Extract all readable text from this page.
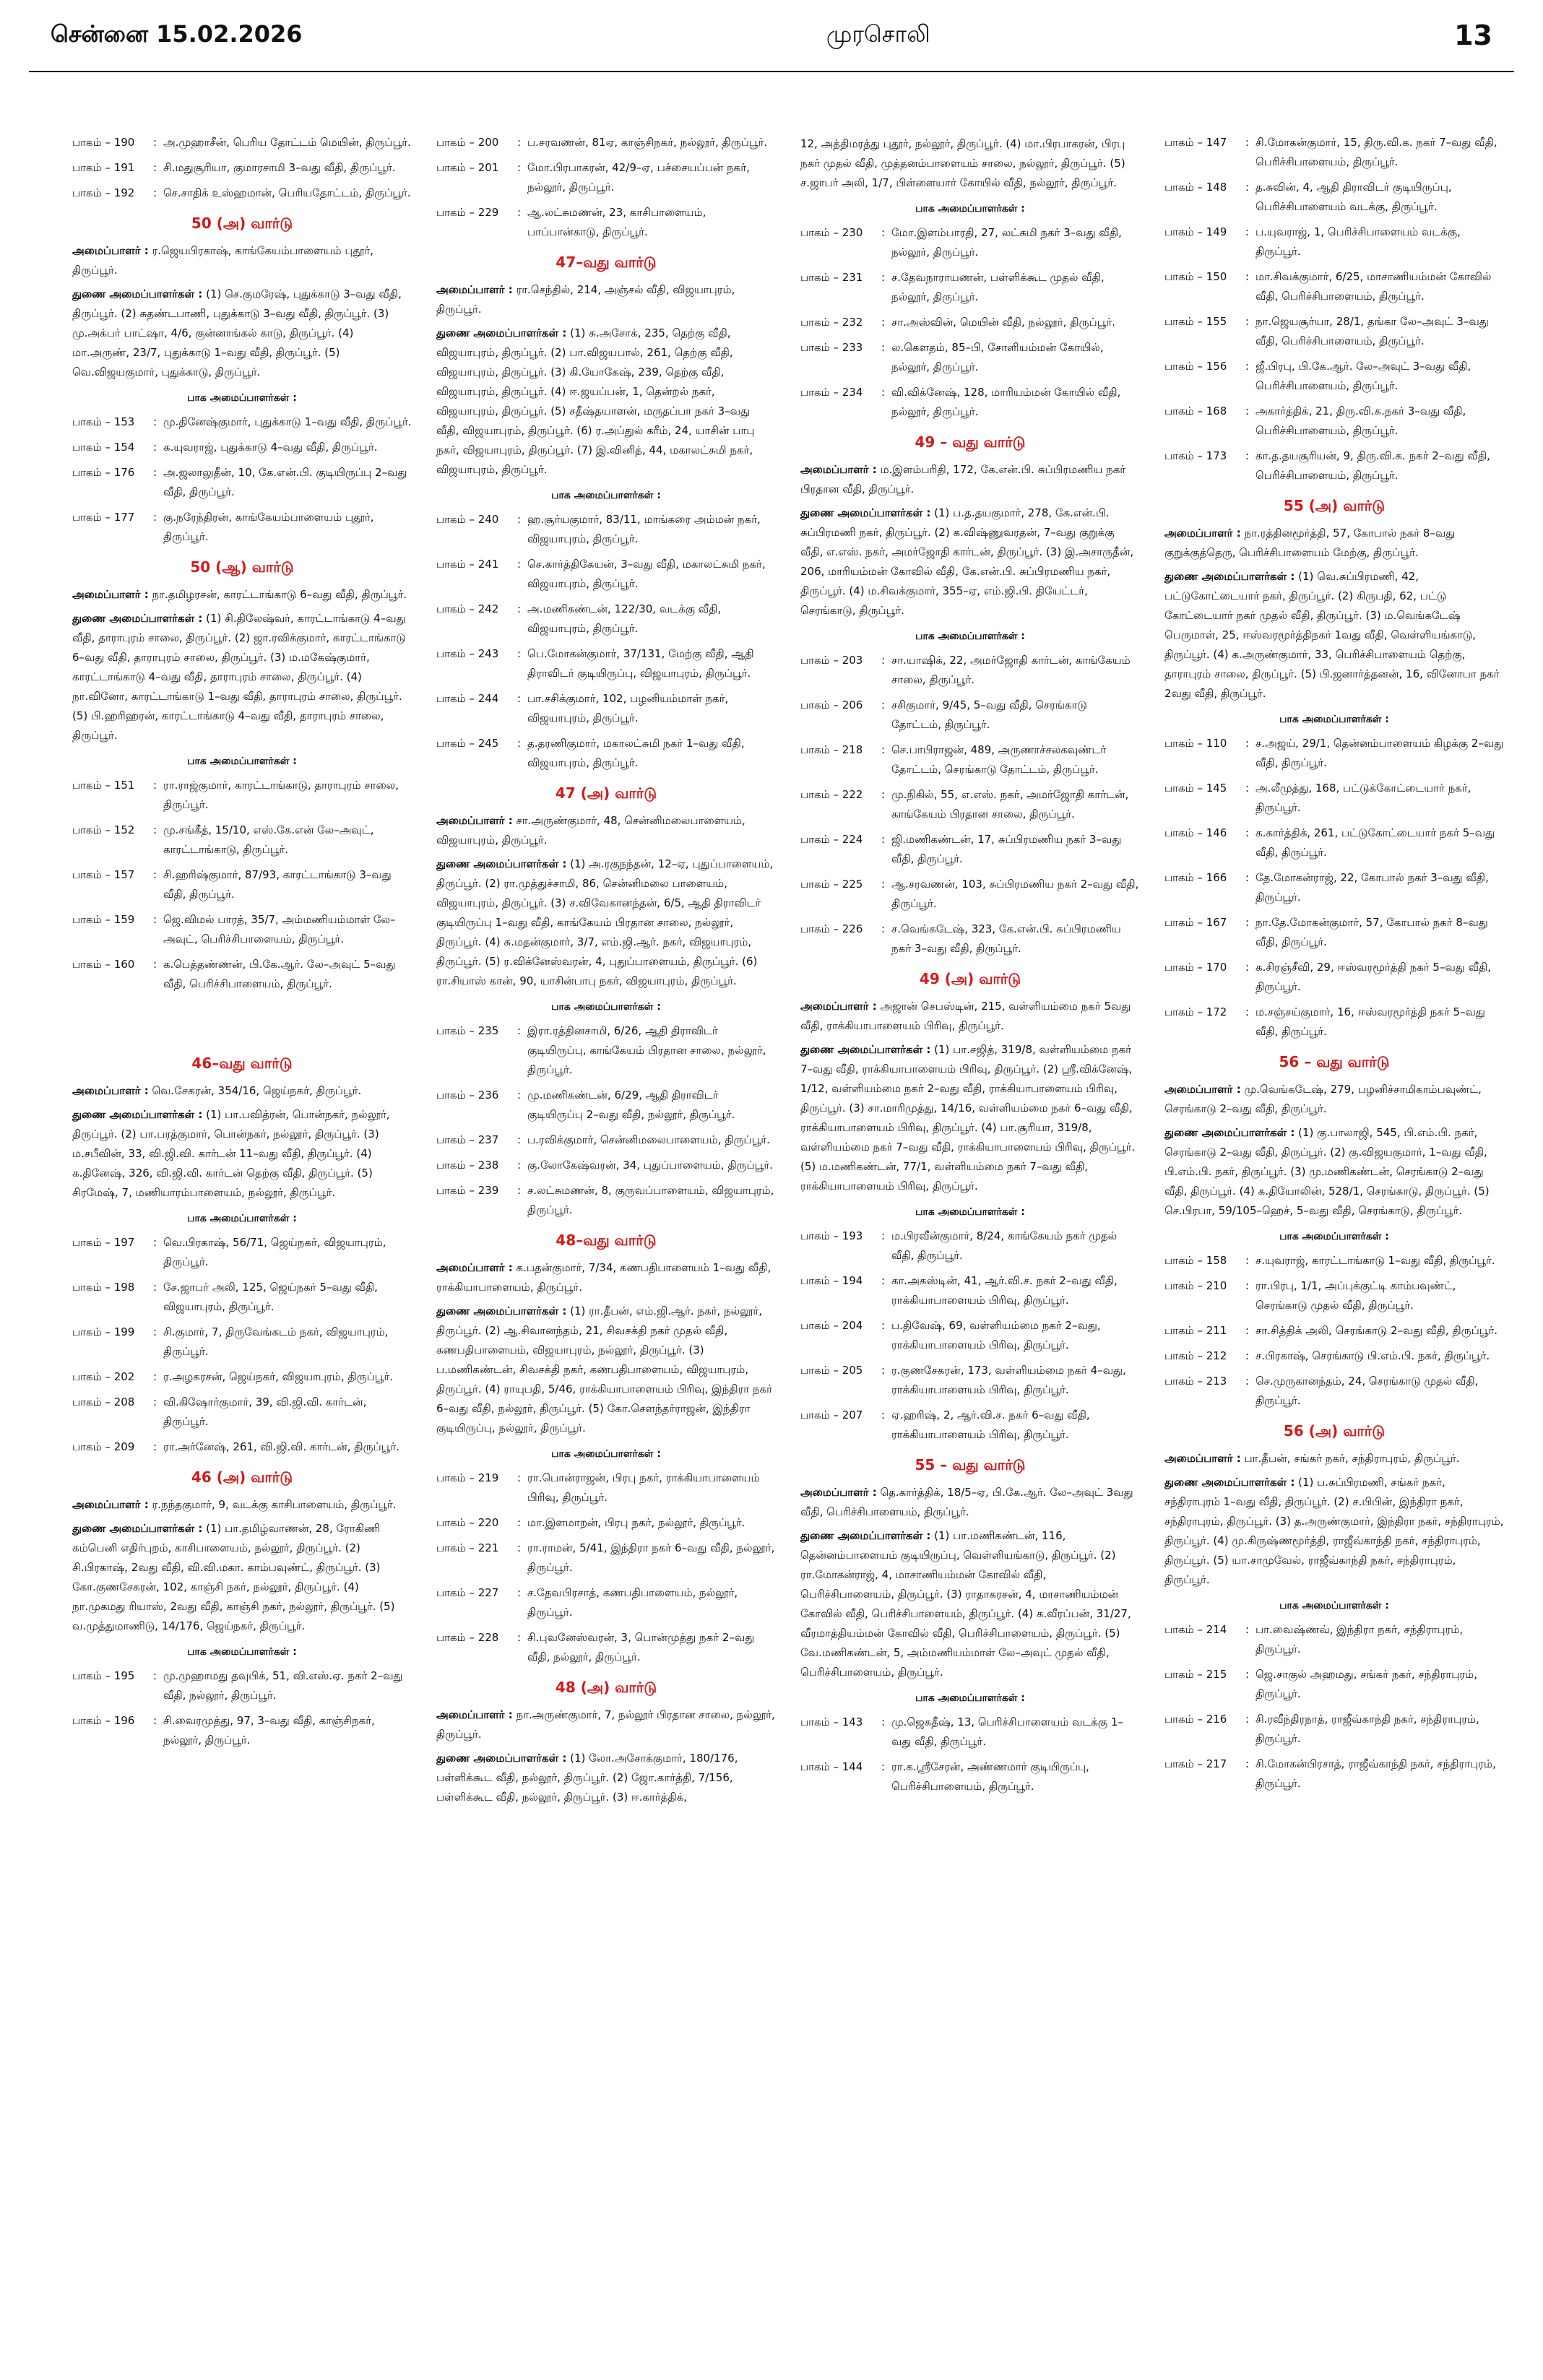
சென்னை 15.02.2026	முரசொலி	13
பாகம் – 190	: அ.முஹாசீன், பெரிய தோட்டம் மெயின், திருப்பூர்.
பாகம் – 191	: சி.மதுசூரியா, குமாரசாமி 3–வது வீதி, திருப்பூர்.
பாகம் – 192	: செ.சாதிக் உஸ்ஹமான், பெரியதோட்டம், திருப்பூர்.
50 (அ) வார்டு
அமைப்பாளர் : ர.ஜெயபிரகாஷ், காங்கேயம்பாளையம் புதூர், திருப்பூர்.
துணை அமைப்பாளர்கள் : (1) செ.குமரேஷ், புதுக்காடு 3–வது வீதி, திருப்பூர். (2) சுதண்டபாணி, புதுக்காடு 3–வது வீதி, திருப்பூர். (3) மு.அக்பர் பாட்ஷா, 4/6, குன்னாங்கல் காடு, திருப்பூர். (4) மா.அருண், 23/7, புதுக்காடு 1–வது வீதி, திருப்பூர். (5) வெ.விஜயகுமார், புதுக்காடு, திருப்பூர்.
பாக அமைப்பாளர்கள் :
பாகம் – 153	: மு.தினேஷ்குமார், புதுக்காடு 1–வது வீதி, திருப்பூர்.
பாகம் – 154	: க.யுவராஜ், புதுக்காடு 4–வது வீதி, திருப்பூர்.
பாகம் – 176	: அ.ஜலாலுதீன், 10, கே.என்.பி. குடியிருப்பு 2–வது வீதி, திருப்பூர்.
பாகம் – 177	: கு.நரேந்திரன், காங்கேயம்பாளையம் புதூர், திருப்பூர்.
50 (ஆ) வார்டு
அமைப்பாளர் : நா.தமிழரசன், காரட்டாங்காடு 6–வது வீதி, திருப்பூர்.
துணை அமைப்பாளர்கள் : (1) சி.திலேஷ்வர், காரட்டாங்காடு 4–வது வீதி, தாராபுரம் சாலை, திருப்பூர். (2) ஜா.ரவிக்குமார், காரட்டாங்காடு 6–வது வீதி, தாராபுரம் சாலை, திருப்பூர். (3) ம.மகேஷ்குமார், காரட்டாங்காடு 4–வது வீதி, தாராபுரம் சாலை, திருப்பூர். (4) நா.வினோ, காரட்டாங்காடு 1–வது வீதி, தாராபுரம் சாலை, திருப்பூர். (5) பி.ஹரிஹரன், காரட்டாங்காடு 4–வது வீதி, தாராபுரம் சாலை, திருப்பூர்.
பாக அமைப்பாளர்கள் :
பாகம் – 151	: ரா.ராஜ்குமார், காரட்டாங்காடு, தாராபுரம் சாலை, திருப்பூர்.
பாகம் – 152	: மு.சங்கீத், 15/10, எஸ்.கே.என் லே–அவுட், காரட்டாங்காடு, திருப்பூர்.
பாகம் – 157	: சி.ஹரிஷ்குமார், 87/93, காரட்டாங்காடு 3–வது வீதி, திருப்பூர்.
பாகம் – 159	: ஜெ.விமல் பாரத், 35/7, அம்மணியம்மாள் லே–அவுட், பெரிச்சிபாளையம், திருப்பூர்.
பாகம் – 160	: க.பெத்தண்ணன், பி.கே.ஆர். லே–அவுட் 5–வது வீதி, பெரிச்சிபாளையம், திருப்பூர்.
46–வது வார்டு
அமைப்பாளர் : வெ.சேகரன், 354/16, ஜெய்நகர், திருப்பூர்.
துணை அமைப்பாளர்கள் : (1) பா.பவித்ரன், பொன்நகர், நல்லூர், திருப்பூர். (2) பா.பரத்குமார், பொன்நகர், நல்லூர், திருப்பூர். (3) ம.சபீவின், 33, வி.ஜி.வி. கார்டன் 11–வது வீதி, திருப்பூர். (4) க.தினேஷ், 326, வி.ஜி.வி. கார்டன் தெற்கு வீதி, திருப்பூர். (5) சிரமேஷ், 7, மணியாரம்பாளையம், நல்லூர், திருப்பூர்.
பாக அமைப்பாளர்கள் :
பாகம் – 197	: வெ.பிரகாஷ், 56/71, ஜெய்நகர், விஜயாபுரம், திருப்பூர்.
பாகம் – 198	: சே.ஜாபர் அலி, 125, ஜெய்நகர் 5–வது வீதி, விஜயாபுரம், திருப்பூர்.
பாகம் – 199	: சி.குமார், 7, திருவேங்கடம் நகர், விஜயாபுரம், திருப்பூர்.
பாகம் – 202	: ர.அழகரசன், ஜெய்நகர், விஜயாபுரம், திருப்பூர்.
பாகம் – 208	: வி.கிஷோர்குமார், 39, வி.ஜி.வி. கார்டன், திருப்பூர்.
பாகம் – 209	: ரா.அர்னேஷ், 261, வி.ஜி.வி. கார்டன், திருப்பூர்.
46 (அ) வார்டு
அமைப்பாளர் : ர.நந்தகுமார், 9, வடக்கு காசிபாளையம், திருப்பூர்.
துணை அமைப்பாளர்கள் : (1) பா.தமிழ்வாணன், 28, ரோகிணி கம்பெனி எதிர்புறம், காசிபாளையம், நல்லூர், திருப்பூர். (2) சி.பிரகாஷ், 2வது வீதி, வி.வி.மகா. காம்பவுண்ட், திருப்பூர். (3) கோ.குணசேகரன், 102, காஞ்சி நகர், நல்லூர், திருப்பூர். (4) நா.முகமது ரியாஸ், 2வது வீதி, காஞ்சி நகர், நல்லூர், திருப்பூர். (5) வ.முத்துமாணிடு, 14/176, ஜெய்நகர், திருப்பூர்.
பாக அமைப்பாளர்கள் :
பாகம் – 195	: மு.முஹாமது தவுபிக், 51, வி.எஸ்.ஏ. நகர் 2–வது வீதி, நல்லூர், திருப்பூர்.
பாகம் – 196	: சி.வைரமுத்து, 97, 3–வது வீதி, காஞ்சிநகர், நல்லூர், திருப்பூர்.
பாகம் – 200	: ப.சரவணன், 81ஏ, காஞ்சிநகர், நல்லூர், திருப்பூர்.
பாகம் – 201	: மோ.பிரபாகரன், 42/9–ஏ, பச்சையப்பன் நகர், நல்லூர், திருப்பூர்.
பாகம் – 229	: ஆ.லட்சுமணன், 23, காசிபாளையம், பாப்பான்காடு, திருப்பூர்.
47–வது வார்டு
அமைப்பாளர் : ரா.செந்தில், 214, அஞ்சல் வீதி, விஜயாபுரம், திருப்பூர்.
துணை அமைப்பாளர்கள் : (1) சு.அசோக், 235, தெற்கு வீதி, விஜயாபுரம், திருப்பூர். (2) பா.விஜயபால், 261, தெற்கு வீதி, விஜயாபுரம், திருப்பூர். (3) கி.யோகேஷ், 239, தெற்கு வீதி, விஜயாபுரம், திருப்பூர். (4) ஈ.ஜயப்பன், 1, தென்றல் நகர், விஜயாபுரம், திருப்பூர். (5) சதீஷ்தயாளன், மருதப்பா நகர் 3–வது வீதி, விஜயாபுரம், திருப்பூர். (6) ர.அப்துல் கரீம், 24, யாசின் பாபு நகர், விஜயாபுரம், திருப்பூர். (7) இ.வினித், 44, மகாலட்சுமி நகர், விஜயாபுரம், திருப்பூர்.
பாக அமைப்பாளர்கள் :
பாகம் – 240	: ஹ.சூர்யகுமார், 83/11, மாங்கரை அம்மன் நகர், விஜயாபுரம், திருப்பூர்.
பாகம் – 241	: செ.கார்த்திகேயன், 3–வது வீதி, மகாலட்சுமி நகர், விஜயாபுரம், திருப்பூர்.
பாகம் – 242	: அ.மணிகண்டன், 122/30, வடக்கு வீதி, விஜயாபுரம், திருப்பூர்.
பாகம் – 243	: பெ.மோகன்குமார், 37/131, மேற்கு வீதி, ஆதி திராவிடர் குடியிருப்பு, விஜயாபுரம், திருப்பூர்.
பாகம் – 244	: பா.சசிக்குமார், 102, பழனியம்மாள் நகர், விஜயாபுரம், திருப்பூர்.
பாகம் – 245	: த.தரணிகுமார், மகாலட்சுமி நகர் 1–வது வீதி, விஜயாபுரம், திருப்பூர்.
47 (அ) வார்டு
அமைப்பாளர் : சா.அருண்குமார், 48, சென்னிமலைபாளையம், விஜயாபுரம், திருப்பூர்.
துணை அமைப்பாளர்கள் : (1) அ.ரகுநந்தன், 12–ஏ, புதுப்பாளையம், திருப்பூர். (2) ரா.முத்துச்சாமி, 86, சென்னிமலை பாளையம், விஜயாபுரம், திருப்பூர். (3) ச.விவேகானந்தன், 6/5, ஆதி திராவிடர் குடியிருப்பு 1–வது வீதி, காங்கேயம் பிரதான சாலை, நல்லூர், திருப்பூர். (4) சு.மதன்குமார், 3/7, எம்.ஜி.ஆர். நகர், விஜயாபுரம், திருப்பூர். (5) ர.விக்னேஸ்வரன், 4, புதுப்பாளையம், திருப்பூர். (6) ரா.சியாஸ் கான், 90, யாசின்பாபு நகர், விஜயாபுரம், திருப்பூர்.
பாக அமைப்பாளர்கள் :
பாகம் – 235	: இரா.ரத்தினசாமி, 6/26, ஆதி திராவிடர் குடியிருப்பு, காங்கேயம் பிரதான சாலை, நல்லூர், திருப்பூர்.
பாகம் – 236	: மு.மணிகண்டன், 6/29, ஆதி திராவிடர் குடியிருப்பு 2–வது வீதி, நல்லூர், திருப்பூர்.
பாகம் – 237	: ப.ரவிக்குமார், சென்னிமலைபாளையம், திருப்பூர்.
பாகம் – 238	: கு.லோகேஷ்வரன், 34, புதுப்பாளையம், திருப்பூர்.
பாகம் – 239	: ச.லட்சுமணன், 8, குருவப்பாளையம், விஜயாபுரம், திருப்பூர்.
48–வது வார்டு
அமைப்பாளர் : க.பதன்குமார், 7/34, கணபதிபாளையம் 1–வது வீதி, ராக்கியாபாளையம், திருப்பூர்.
துணை அமைப்பாளர்கள் : (1) ரா.தீபன், எம்.ஜி.ஆர். நகர், நல்லூர், திருப்பூர். (2) ஆ.சிவானந்தம், 21, சிவசக்தி நகர் முதல் வீதி, கணபதிபாளையம், விஜயாபுரம், நல்லூர், திருப்பூர். (3) ப.மணிகண்டன், சிவசக்தி நகர், கணபதிபாளையம், விஜயாபுரம், திருப்பூர். (4) ராயுபதி, 5/46, ராக்கியாபாளையம் பிரிவு, இந்திரா நகர் 6–வது வீதி, நல்லூர், திருப்பூர். (5) கோ.சௌந்தர்ராஜன், இந்திரா குடியிருப்பு, நல்லூர், திருப்பூர்.
பாக அமைப்பாளர்கள் :
பாகம் – 219	: ரா.பொன்ராஜன், பிரபு நகர், ராக்கியாபாளையம் பிரிவு, திருப்பூர்.
பாகம் – 220	: மா.இளமாறன், பிரபு நகர், நல்லூர், திருப்பூர்.
பாகம் – 221	: ரா.ராமன், 5/41, இந்திரா நகர் 6–வது வீதி, நல்லூர், திருப்பூர்.
பாகம் – 227	: ச.தேவபிரசாத், கணபதிபாளையம், நல்லூர், திருப்பூர்.
பாகம் – 228	: சி.புவனேஸ்வரன், 3, பொன்முத்து நகர் 2–வது வீதி, நல்லூர், திருப்பூர்.
48 (அ) வார்டு
அமைப்பாளர் : நா.அருண்குமார், 7, நல்லூர் பிரதான சாலை, நல்லூர், திருப்பூர்.
துணை அமைப்பாளர்கள் : (1) லோ.அசோக்குமார், 180/176, பள்ளிக்கூட வீதி, நல்லூர், திருப்பூர். (2) ஜோ.கார்த்தி, 7/156, பள்ளிக்கூட வீதி, நல்லூர், திருப்பூர். (3) ஈ.கார்த்திக்,
12, அத்திமரத்து புதூர், நல்லூர், திருப்பூர். (4) மா.பிரபாகரன், பிரபு நகர் முதல் வீதி, முத்தனம்பாளையம் சாலை, நல்லூர், திருப்பூர். (5) ச.ஜாபர் அலி, 1/7, பிள்ளையார் கோயில் வீதி, நல்லூர், திருப்பூர்.
பாக அமைப்பாளர்கள் :
பாகம் – 230	: மோ.இளம்பாரதி, 27, லட்சுமி நகர் 3–வது வீதி, நல்லூர், திருப்பூர்.
பாகம் – 231	: ச.தேவநாராயணன், பள்ளிக்கூட முதல் வீதி, நல்லூர், திருப்பூர்.
பாகம் – 232	: சா.அஸ்வின், மெயின் வீதி, நல்லூர், திருப்பூர்.
பாகம் – 233	: ல.கௌதம், 85–பி, சோளியம்மன் கோயில், நல்லூர், திருப்பூர்.
பாகம் – 234	: வி.விக்னேஷ், 128, மாரியம்மன் கோயில் வீதி, நல்லூர், திருப்பூர்.
49 – வது வார்டு
அமைப்பாளர் : ம.இளம்பரிதி, 172, கே.என்.பி. சுப்பிரமணிய நகர் பிரதான வீதி, திருப்பூர்.
துணை அமைப்பாளர்கள் : (1) ப.த.தயகுமார், 278, கே.என்.பி. சுப்பிரமணி நகர், திருப்பூர். (2) க.விஷ்ணுவரதன், 7–வது குறுக்கு வீதி, எ.எஸ். நகர், அமர்ஜோதி கார்டன், திருப்பூர். (3) இ.அசாருதீன், 206, மாரியம்மன் கோவில் வீதி, கே.என்.பி. சுப்பிரமணிய நகர், திருப்பூர். (4) ம.சிவக்குமார், 355–ஏ, எம்.ஜி.பி. தியேட்டர், செரங்காடு, திருப்பூர்.
பாக அமைப்பாளர்கள் :
பாகம் – 203	: சா.யாஷிக், 22, அமர்ஜோதி கார்டன், காங்கேயம் சாலை, திருப்பூர்.
பாகம் – 206	: சசிகுமார், 9/45, 5–வது வீதி, செரங்காடு தோட்டம், திருப்பூர்.
பாகம் – 218	: செ.பாபிராஜன், 489, அருணாச்சலகவுண்டர் தோட்டம், செரங்காடு தோட்டம், திருப்பூர்.
பாகம் – 222	: மு.நிகில், 55, எ.எஸ். நகர், அமர்ஜோதி கார்டன், காங்கேயம் பிரதான சாலை, திருப்பூர்.
பாகம் – 224	: ஜி.மணிகண்டன், 17, சுப்பிரமணிய நகர் 3–வது வீதி, திருப்பூர்.
பாகம் – 225	: ஆ.சரவணன், 103, சுப்பிரமணிய நகர் 2–வது வீதி, திருப்பூர்.
பாகம் – 226	: ச.வெங்கடேஷ், 323, கே.என்.பி. சுப்பிரமணிய நகர் 3–வது வீதி, திருப்பூர்.
49 (அ) வார்டு
அமைப்பாளர் : அஜான் செபஸ்டின், 215, வள்ளியம்மை நகர் 5வது வீதி, ராக்கியாபாளையம் பிரிவு, திருப்பூர்.
துணை அமைப்பாளர்கள் : (1) பா.சஜித், 319/8, வள்ளியம்மை நகர் 7–வது வீதி, ராக்கியாபாளையம் பிரிவு, திருப்பூர். (2) ஸ்ரீ.விக்னேஷ், 1/12, வள்ளியம்மை நகர் 2–வது வீதி, ராக்கியாபாளையம் பிரிவு, திருப்பூர். (3) சா.மாரிமுத்து, 14/16, வள்ளியம்மை நகர் 6–வது வீதி, ராக்கியாபாளையம் பிரிவு, திருப்பூர். (4) பா.சூரியா, 319/8, வள்ளியம்மை நகர் 7–வது வீதி, ராக்கியாபாளையம் பிரிவு, திருப்பூர். (5) ம.மணிகண்டன், 77/1, வள்ளியம்மை நகர் 7–வது வீதி, ராக்கியாபாளையம் பிரிவு, திருப்பூர்.
பாக அமைப்பாளர்கள் :
பாகம் – 193	: ம.பிரவீன்குமார், 8/24, காங்கேயம் நகர் முதல் வீதி, திருப்பூர்.
பாகம் – 194	: கா.அகஸ்டின், 41, ஆர்.வி.ச. நகர் 2–வது வீதி, ராக்கியாபாளையம் பிரிவு, திருப்பூர்.
பாகம் – 204	: ப.திவேஷ், 69, வள்ளியம்மை நகர் 2–வது, ராக்கியாபாளையம் பிரிவு, திருப்பூர்.
பாகம் – 205	: ர.குணசேகரன், 173, வள்ளியம்மை நகர் 4–வது, ராக்கியாபாளையம் பிரிவு, திருப்பூர்.
பாகம் – 207	: ஏ.ஹரிஷ், 2, ஆர்.வி.ச. நகர் 6–வது வீதி, ராக்கியாபாளையம் பிரிவு, திருப்பூர்.
55 – வது வார்டு
அமைப்பாளர் : தெ.கார்த்திக், 18/5–ஏ, பி.கே.ஆர். லே–அவுட் 3வது வீதி, பெரிச்சிபாளையம், திருப்பூர்.
துணை அமைப்பாளர்கள் : (1) பா.மணிகண்டன், 116, தென்னம்பாளையம் குடியிருப்பு, வெள்ளியங்காடு, திருப்பூர். (2) ரா.மோகன்ராஜ், 4, மாசாணியம்மன் கோவில் வீதி, பெரிச்சிபாளையம், திருப்பூர். (3) ராதாகரசன், 4, மாசாணியம்மன் கோவில் வீதி, பெரிச்சிபாளையம், திருப்பூர். (4) க.வீரப்பன், 31/27, வீரமாத்தியம்மன் கோவில் வீதி, பெரிச்சிபாளையம், திருப்பூர். (5) வே.மணிகண்டன், 5, அம்மணியம்மாள் லே–அவுட் முதல் வீதி, பெரிச்சிபாளையம், திருப்பூர்.
பாக அமைப்பாளர்கள் :
பாகம் – 143	: மு.ஜெகதீஷ், 13, பெரிச்சிபாளையம் வடக்கு 1–வது வீதி, திருப்பூர்.
பாகம் – 144	: ரா.க.ஸ்ரீசேரன், அண்ணமார் குடியிருப்பு, பெரிச்சிபாளையம், திருப்பூர்.
பாகம் – 147	: சி.மோகன்குமார், 15, திரு.வி.க. நகர் 7–வது வீதி, பெரிச்சிபாளையம், திருப்பூர்.
பாகம் – 148	: த.சுவின், 4, ஆதி திராவிடர் குடியிருப்பு, பெரிச்சிபாளையம் வடக்கு, திருப்பூர்.
பாகம் – 149	: ப.யுவராஜ், 1, பெரிச்சிபாளையம் வடக்கு, திருப்பூர்.
பாகம் – 150	: மா.சிவக்குமார், 6/25, மாசாணியம்மன் கோவில் வீதி, பெரிச்சிபாளையம், திருப்பூர்.
பாகம் – 155	: நா.ஜெயசூர்யா, 28/1, தங்கா லே–அவுட் 3–வது வீதி, பெரிச்சிபாளையம், திருப்பூர்.
பாகம் – 156	: ஜீ.பிரபு, பி.கே.ஆர். லே–அவுட் 3–வது வீதி, பெரிச்சிபாளையம், திருப்பூர்.
பாகம் – 168	: அகார்த்திக், 21, திரு.வி.க.நகர் 3–வது வீதி, பெரிச்சிபாளையம், திருப்பூர்.
பாகம் – 173	: கா.த.தயசூரியன், 9, திரு.வி.க. நகர் 2–வது வீதி, பெரிச்சிபாளையம், திருப்பூர்.
55 (அ) வார்டு
அமைப்பாளர் : நா.ரத்தினமூர்த்தி, 57, கோபால் நகர் 8–வது குறுக்குத்தெரு, பெரிச்சிபாளையம் மேற்கு, திருப்பூர்.
துணை அமைப்பாளர்கள் : (1) வெ.சுப்பிரமணி, 42, பட்டுகோட்டையார் நகர், திருப்பூர். (2) கிருபதி, 62, பட்டு கோட்டையார் நகர் முதல் வீதி, திருப்பூர். (3) ம.வெங்கடேஷ் பெருமாள், 25, ஈஸ்வரமூர்த்திநகர் 1வது வீதி, வெள்ளியங்காடு, திருப்பூர். (4) க.அருண்குமார், 33, பெரிச்சிபாளையம் தெற்கு, தாராபுரம் சாலை, திருப்பூர். (5) பி.ஜனார்த்தனன், 16, வினோபா நகர் 2வது வீதி, திருப்பூர்.
பாக அமைப்பாளர்கள் :
பாகம் – 110	: ச.அஜய், 29/1, தென்னம்பாளையம் கிழக்கு 2–வது வீதி, திருப்பூர்.
பாகம் – 145	: அ.லீமுத்து, 168, பட்டுக்கோட்டையார் நகர், திருப்பூர்.
பாகம் – 146	: க.கார்த்திக், 261, பட்டுகோட்டையார் நகர் 5–வது வீதி, திருப்பூர்.
பாகம் – 166	: தே.மோகன்ராஜ், 22, கோபால் நகர் 3–வது வீதி, திருப்பூர்.
பாகம் – 167	: நா.தே.மோகன்குமார், 57, கோபால் நகர் 8–வது வீதி, திருப்பூர்.
பாகம் – 170	: க.சிரஞ்சீவி, 29, ஈஸ்வரமூர்த்தி நகர் 5–வது வீதி, திருப்பூர்.
பாகம் – 172	: ம.சஞ்சய்குமார், 16, ஈஸ்வரமூர்த்தி நகர் 5–வது வீதி, திருப்பூர்.
56 – வது வார்டு
அமைப்பாளர் : மு.வெங்கடேஷ், 279, பழனிச்சாமிகாம்பவுண்ட், செரங்காடு 2–வது வீதி, திருப்பூர்.
துணை அமைப்பாளர்கள் : (1) கு.பாலாஜி, 545, பி.எம்.பி. நகர், செரங்காடு 2–வது வீதி, திருப்பூர். (2) கு.விஜயகுமார், 1–வது வீதி, பி.எம்.பி. நகர், திருப்பூர். (3) மு.மணிகண்டன், செரங்காடு 2–வது வீதி, திருப்பூர். (4) க.தியோலின், 528/1, செரங்காடு, திருப்பூர். (5) செ.பிரபா, 59/105–ஹெச், 5–வது வீதி, செரங்காடு, திருப்பூர்.
பாக அமைப்பாளர்கள் :
பாகம் – 158	: ச.யுவராஜ், காரட்டாங்காடு 1–வது வீதி, திருப்பூர்.
பாகம் – 210	: ரா.பிரபு, 1/1, அப்புக்குட்டி காம்பவுண்ட், செரங்காடு முதல் வீதி, திருப்பூர்.
பாகம் – 211	: சா.சித்திக் அலி, செரங்காடு 2–வது வீதி, திருப்பூர்.
பாகம் – 212	: ச.பிரகாஷ், செரங்காடு பி.எம்.பி. நகர், திருப்பூர்.
பாகம் – 213	: செ.முருகானந்தம், 24, செரங்காடு முதல் வீதி, திருப்பூர்.
56 (அ) வார்டு
அமைப்பாளர் : பா.தீபன், சங்கர் நகர், சந்திராபுரம், திருப்பூர்.
துணை அமைப்பாளர்கள் : (1) ப.சுப்பிரமணி, சங்கர் நகர், சந்திராபுரம் 1–வது வீதி, திருப்பூர். (2) ச.பிபின், இந்திரா நகர், சந்திராபுரம், திருப்பூர். (3) த.அருண்குமார், இந்திரா நகர், சந்திராபுரம், திருப்பூர். (4) மு.கிருஷ்ணமூர்த்தி, ராஜீவ்காந்தி நகர், சந்திராபுரம், திருப்பூர். (5) யா.சாமுவேல், ராஜீவ்காந்தி நகர், சந்திராபுரம், திருப்பூர்.
பாக அமைப்பாளர்கள் :
பாகம் – 214	: பா.வைஷ்ணவ், இந்திரா நகர், சந்திராபுரம், திருப்பூர்.
பாகம் – 215	: ஜெ.சாகுல் அஹமது, சங்கர் நகர், சந்திராபுரம், திருப்பூர்.
பாகம் – 216	: சி.ரவீந்திரநாத், ராஜீவ்காந்தி நகர், சந்திராபுரம், திருப்பூர்.
பாகம் – 217	: சி.மோகன்பிரசாத், ராஜீவ்காந்தி நகர், சந்திராபுரம், திருப்பூர்.
